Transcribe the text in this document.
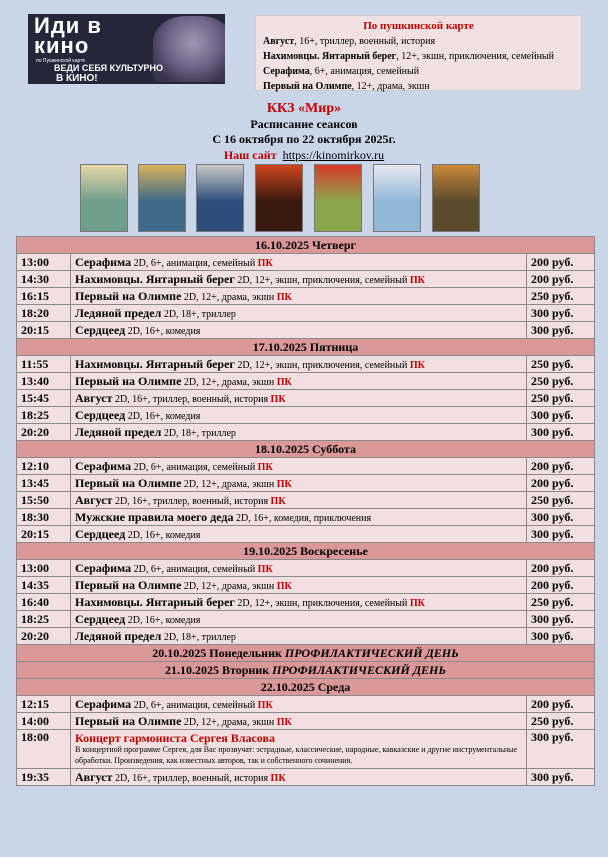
Иди в
кино
по Пушкинской карте
ВЕДИ СЕБЯ КУЛЬТУРНО
В КИНО!
По пушкинской карте
Август, 16+, триллер, военный, история
Нахимовцы. Янтарный берег, 12+, экшн, приключения, семейный
Серафима, 6+, анимация, семейный
Первый на Олимпе, 12+, драма, экшн
ККЗ «Мир»
Расписание сеансов
С 16 октября по 22 октября 2025г.
Наш сайт https://kinomirkov.ru
16.10.2025 Четверг		
13:00	Серафима 2D, 6+, анимация, семейный ПК	200 руб.
14:30	Нахимовцы. Янтарный берег 2D, 12+, экшн, приключения, семейный ПК	200 руб.
16:15	Первый на Олимпе 2D, 12+, драма, экшн ПК	250 руб.
18:20	Ледяной предел 2D, 18+, триллер	300 руб.
20:15	Сердцеед 2D, 16+, комедия	300 руб.
17.10.2025 Пятница		
11:55	Нахимовцы. Янтарный берег 2D, 12+, экшн, приключения, семейный ПК	250 руб.
13:40	Первый на Олимпе 2D, 12+, драма, экшн ПК	250 руб.
15:45	Август 2D, 16+, триллер, военный, история ПК	250 руб.
18:25	Сердцеед 2D, 16+, комедия	300 руб.
20:20	Ледяной предел 2D, 18+, триллер	300 руб.
18.10.2025 Суббота		
12:10	Серафима 2D, 6+, анимация, семейный ПК	200 руб.
13:45	Первый на Олимпе 2D, 12+, драма, экшн ПК	200 руб.
15:50	Август 2D, 16+, триллер, военный, история ПК	250 руб.
18:30	Мужские правила моего деда 2D, 16+, комедия, приключения	300 руб.
20:15	Сердцеед 2D, 16+, комедия	300 руб.
19.10.2025 Воскресенье		
13:00	Серафима 2D, 6+, анимация, семейный ПК	200 руб.
14:35	Первый на Олимпе 2D, 12+, драма, экшн ПК	200 руб.
16:40	Нахимовцы. Янтарный берег 2D, 12+, экшн, приключения, семейный ПК	250 руб.
18:25	Сердцеед 2D, 16+, комедия	300 руб.
20:20	Ледяной предел 2D, 18+, триллер	300 руб.
20.10.2025 Понедельник ПРОФИЛАКТИЧЕСКИЙ ДЕНЬ		
21.10.2025 Вторник ПРОФИЛАКТИЧЕСКИЙ ДЕНЬ		
22.10.2025 Среда		
12:15	Серафима 2D, 6+, анимация, семейный ПК	200 руб.
14:00	Первый на Олимпе 2D, 12+, драма, экшн ПК	250 руб.
18:00	Концерт гармониста Сергея Власова
В концертной программе Сергея, для Вас прозвучат: эстрадные, классические, народные, кавказские и другие инструментальные обработки. Произведения, как известных авторов, так и собственного сочинения.	300 руб.
19:35	Август 2D, 16+, триллер, военный, история ПК	300 руб.
